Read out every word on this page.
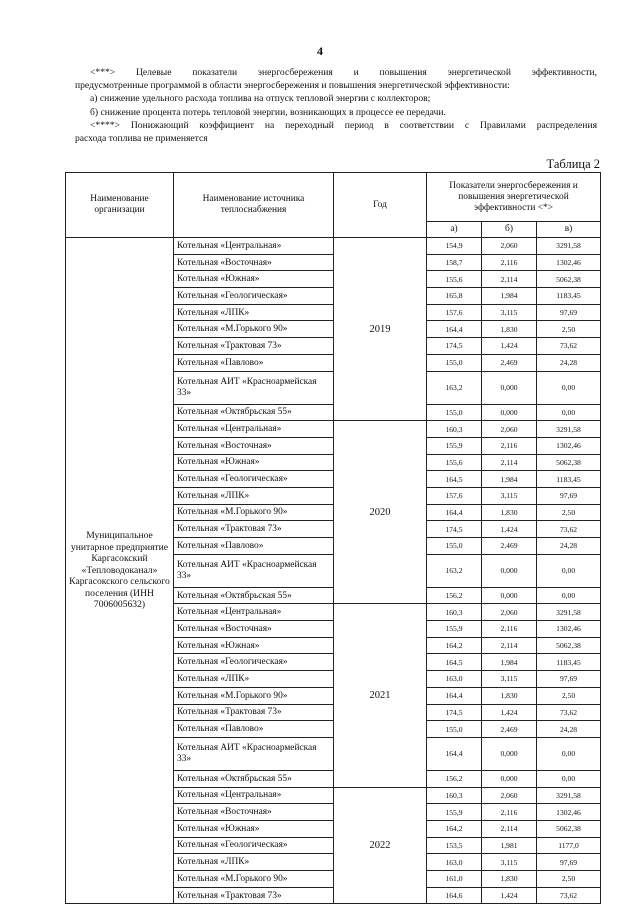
4

<***> Целевые показатели энергосбережения и повышения энергетической эффективности,

предусмотренные программой в области энергосбережения и повышения энергетической эффективности:

а) снижение удельного расхода топлива на отпуск тепловой энергии с коллекторов;

б) снижение процента потерь тепловой энергии, возникающих в процессе ее передачи.

<****> Понижающий коэффициент на переходный период в соответствии с Правилами распределения

расхода топлива не применяется

Таблица 2
Наименование организации	Наименование источника теплоснабжения	Год	Показатели энергосбережения и повышения энергетической эффективности <*>		
			а)	б)	в)
Муниципальное унитарное предприятие Каргасокский «Тепловодоканал» Каргасокского сельского поселения (ИНН 7006005632)	Котельная «Центральная»	2019	154,9	2,060	3291,58
	Котельная «Восточная»		158,7	2,116	1302,46
	Котельная «Южная»		155,6	2,114	5062,38
	Котельная «Геологическая»		165,8	1,984	1183,45
	Котельная «ЛПК»		157,6	3,115	97,69
	Котельная «М.Горького 90»		164,4	1,830	2,50
	Котельная «Трактовая 73»		174,5	1,424	73,62
	Котельная «Павлово»		155,0	2,469	24,28
	Котельная АИТ «Красноармейская 33»		163,2	0,000	0,00
	Котельная «Октябрьская 55»		155,0	0,000	0,00
	Котельная «Центральная»	2020	160,3	2,060	3291,58
	Котельная «Восточная»		155,9	2,116	1302,46
	Котельная «Южная»		155,6	2,114	5062,38
	Котельная «Геологическая»		164,5	1,984	1183,45
	Котельная «ЛПК»		157,6	3,115	97,69
	Котельная «М.Горького 90»		164,4	1,830	2,50
	Котельная «Трактовая 73»		174,5	1,424	73,62
	Котельная «Павлово»		155,0	2,469	24,28
	Котельная АИТ «Красноармейская 33»		163,2	0,000	0,00
	Котельная «Октябрьская 55»		156,2	0,000	0,00
	Котельная «Центральная»	2021	160,3	2,060	3291,58
	Котельная «Восточная»		155,9	2,116	1302,46
	Котельная «Южная»		164,2	2,114	5062,38
	Котельная «Геологическая»		164,5	1,984	1183,45
	Котельная «ЛПК»		163,0	3,115	97,69
	Котельная «М.Горького 90»		164,4	1,830	2,50
	Котельная «Трактовая 73»		174,5	1,424	73,62
	Котельная «Павлово»		155,0	2,469	24,28
	Котельная АИТ «Красноармейская 33»		164,4	0,000	0,00
	Котельная «Октябрьская 55»		156,2	0,000	0,00
	Котельная «Центральная»	2022	160,3	2,060	3291,58
	Котельная «Восточная»		155,9	2,116	1302,46
	Котельная «Южная»		164,2	2,114	5062,38
	Котельная «Геологическая»		153,5	1,981	1177,0
	Котельная «ЛПК»		163,0	3,115	97,69
	Котельная «М.Горького 90»		161,0	1,830	2,50
	Котельная «Трактовая 73»		164,6	1,424	73,62
